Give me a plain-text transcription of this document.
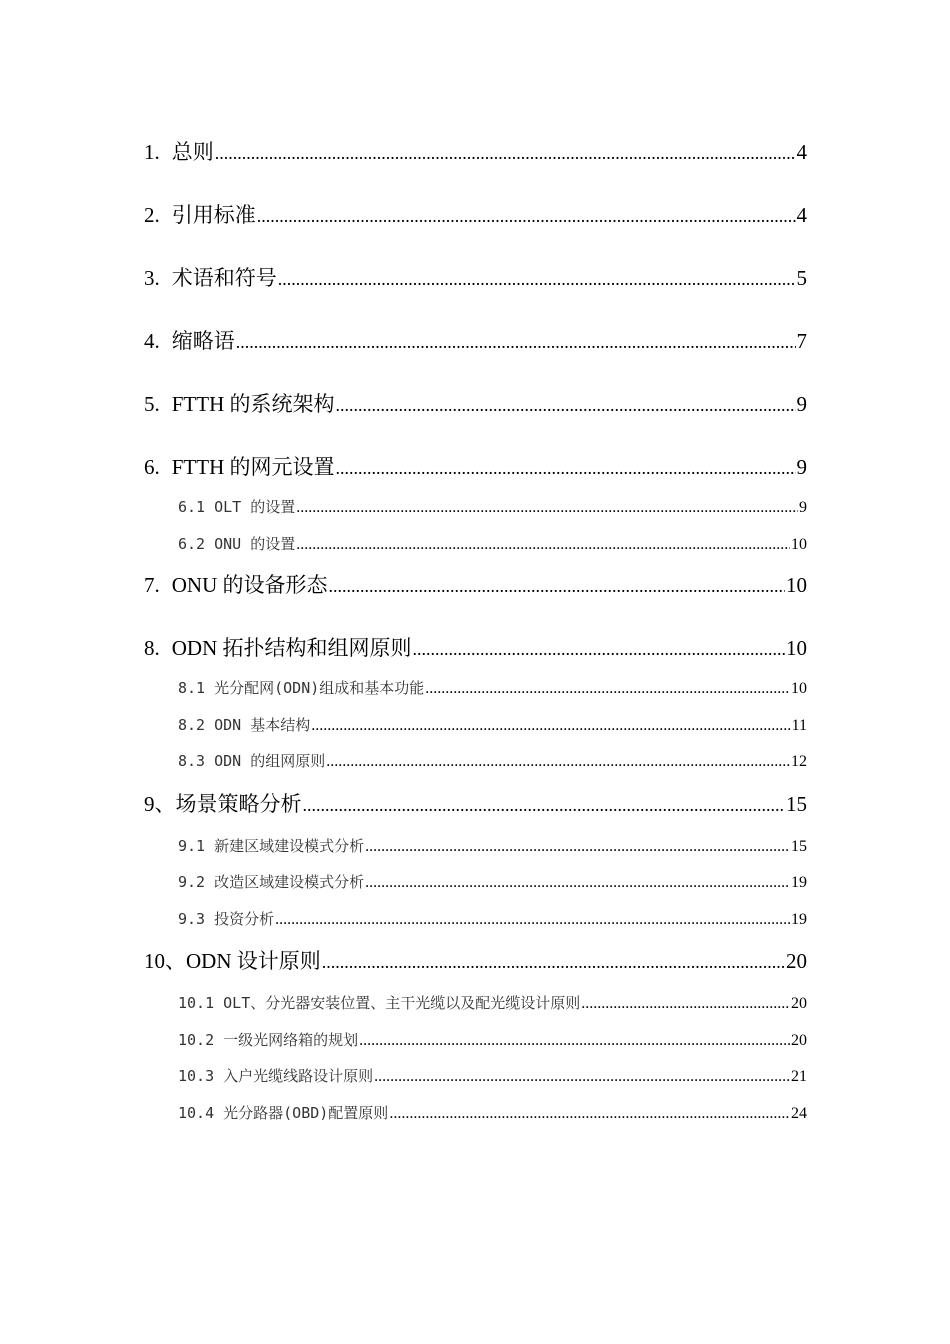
1. 总则 .....	4
2. 引用标准 .....	4
3. 术语和符号 .....	5
4. 缩略语 .....	7
5. FTTH 的系统架构 .....	9
6. FTTH 的网元设置 .....	9
6.1 OLT 的设置 .....	9
6.2 ONU 的设置 .....	10
7. ONU 的设备形态 .....	10
8. ODN 拓扑结构和组网原则 .....	10
8.1 光分配网(ODN)组成和基本功能 .....	10
8.2 ODN 基本结构 .....	11
8.3 ODN 的组网原则 .....	12
9、场景策略分析 .....	15
9.1 新建区域建设模式分析 .....	15
9.2 改造区域建设模式分析 .....	19
9.3 投资分析 .....	19
10、ODN 设计原则 .....	20
10.1 OLT、分光器安装位置、主干光缆以及配光缆设计原则 .....	20
10.2 一级光网络箱的规划 .....	20
10.3 入户光缆线路设计原则 .....	21
10.4 光分路器(OBD)配置原则 .....	24
